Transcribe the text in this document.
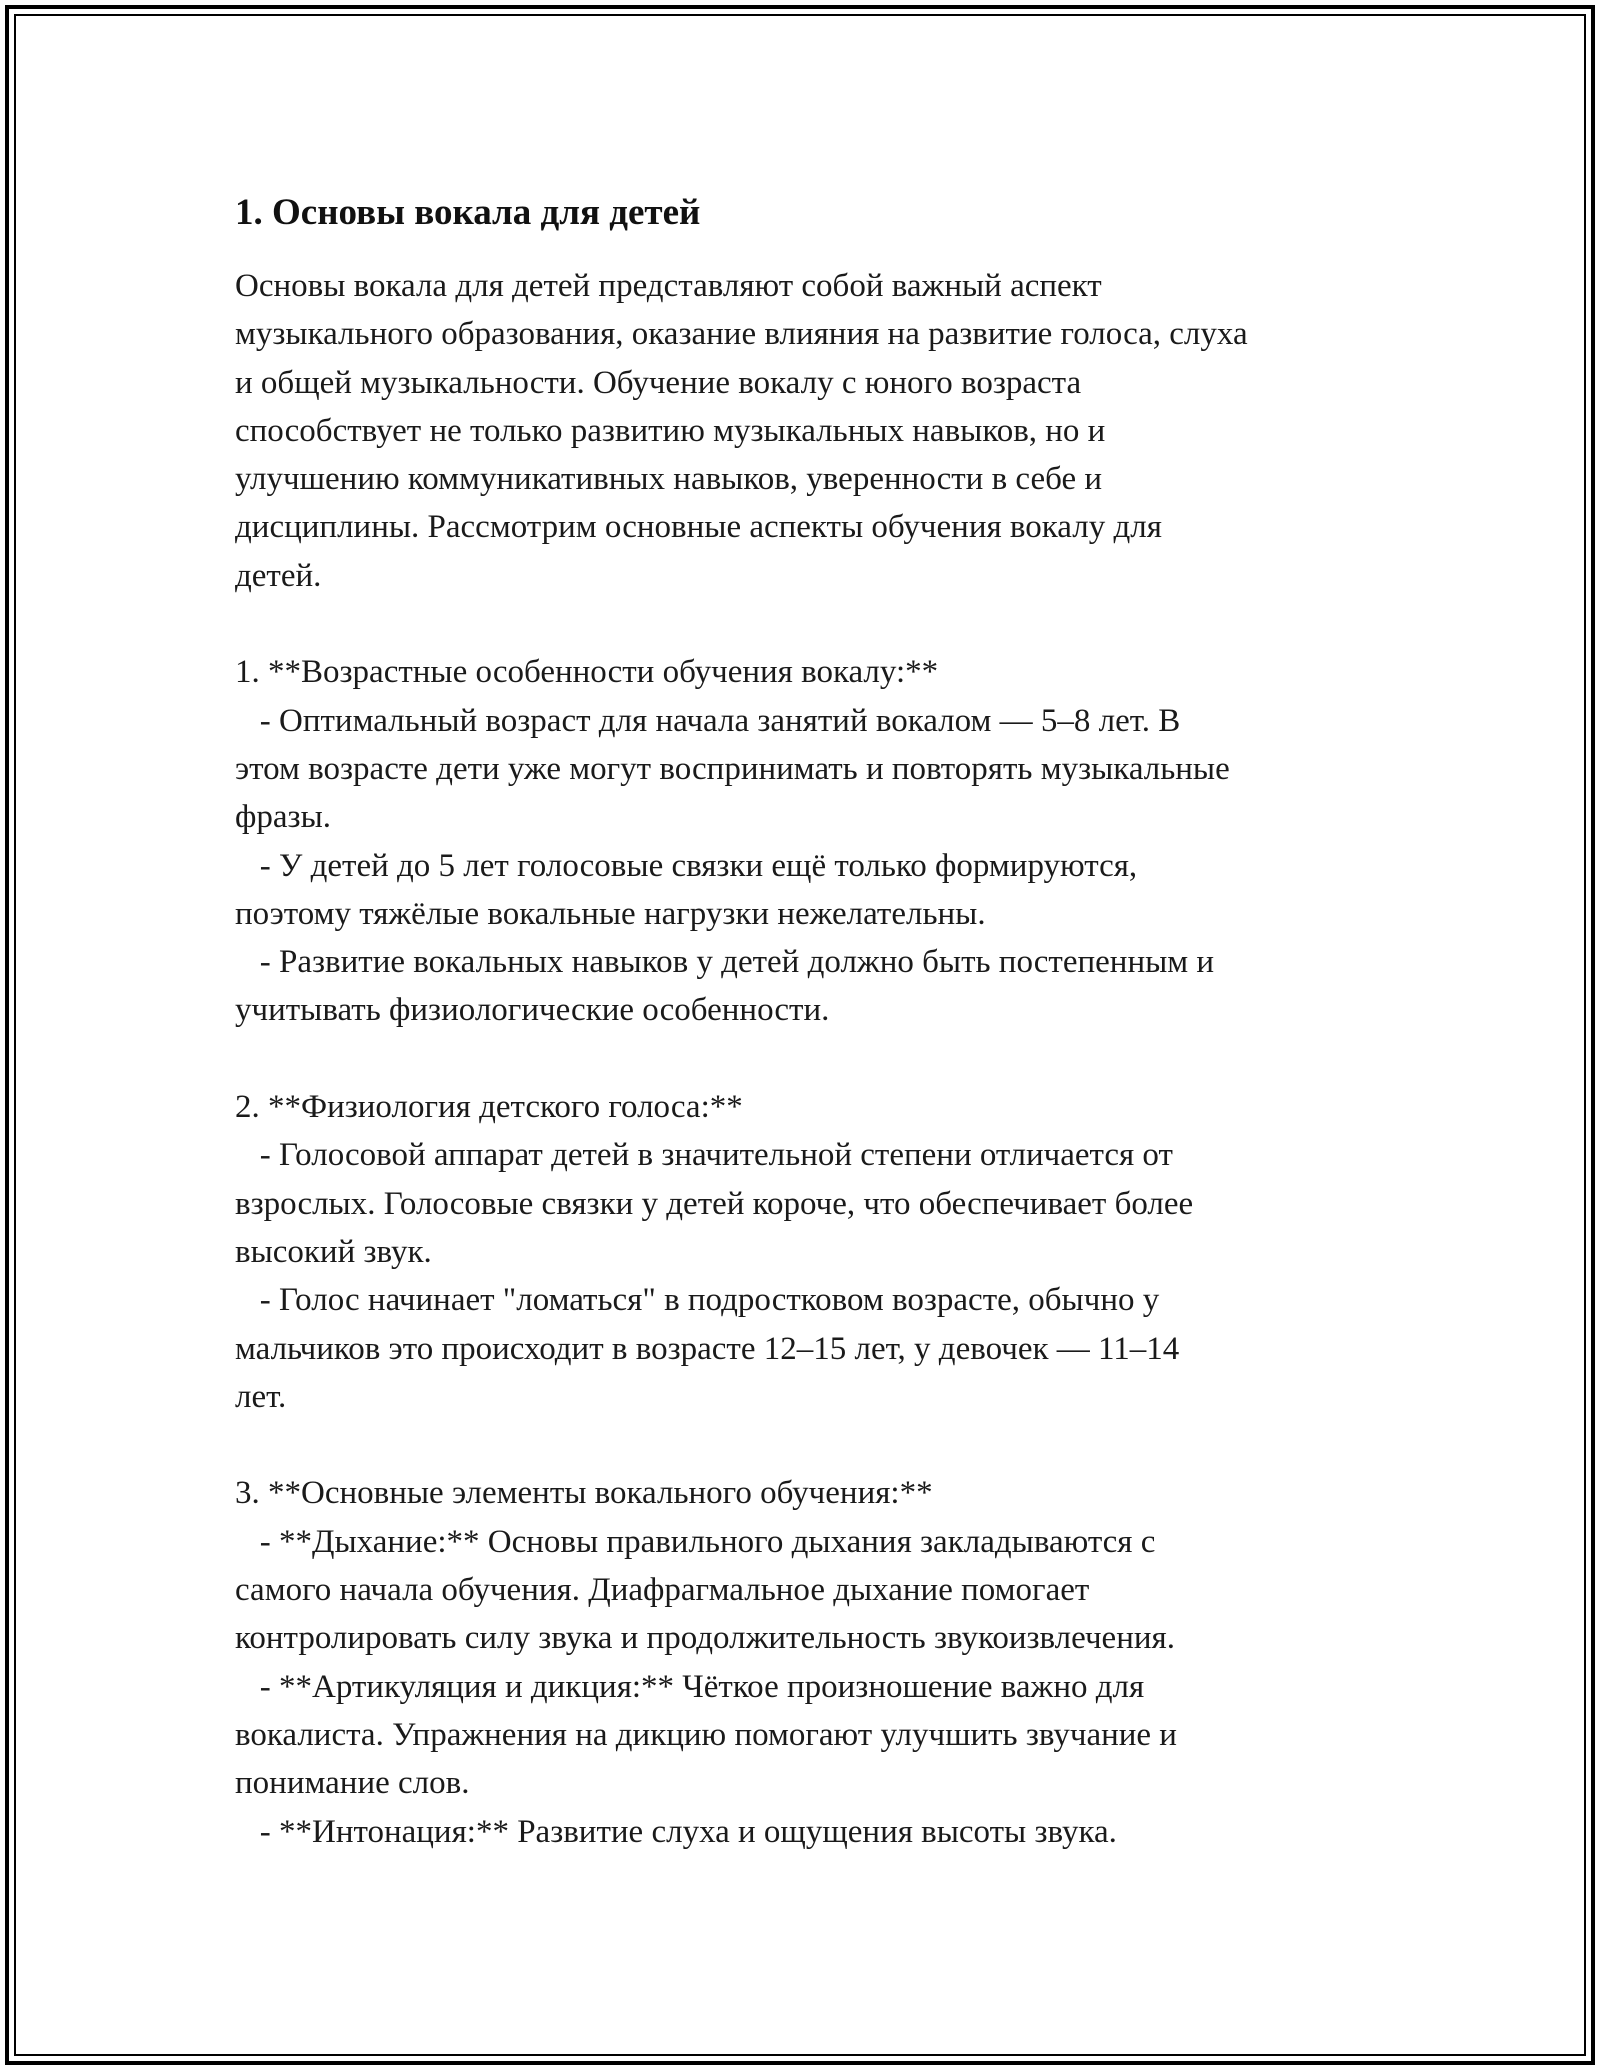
1. Основы вокала для детей
Основы вокала для детей представляют собой важный аспект
музыкального образования, оказание влияния на развитие голоса, слуха
и общей музыкальности. Обучение вокалу с юного возраста
способствует не только развитию музыкальных навыков, но и
улучшению коммуникативных навыков, уверенности в себе и
дисциплины. Рассмотрим основные аспекты обучения вокалу для
детей.
1. **Возрастные особенности обучения вокалу:**
- Оптимальный возраст для начала занятий вокалом — 5–8 лет. В
этом возрасте дети уже могут воспринимать и повторять музыкальные
фразы.
- У детей до 5 лет голосовые связки ещё только формируются,
поэтому тяжёлые вокальные нагрузки нежелательны.
- Развитие вокальных навыков у детей должно быть постепенным и
учитывать физиологические особенности.
2. **Физиология детского голоса:**
- Голосовой аппарат детей в значительной степени отличается от
взрослых. Голосовые связки у детей короче, что обеспечивает более
высокий звук.
- Голос начинает "ломаться" в подростковом возрасте, обычно у
мальчиков это происходит в возрасте 12–15 лет, у девочек — 11–14
лет.
3. **Основные элементы вокального обучения:**
- **Дыхание:** Основы правильного дыхания закладываются с
самого начала обучения. Диафрагмальное дыхание помогает
контролировать силу звука и продолжительность звукоизвлечения.
- **Артикуляция и дикция:** Чёткое произношение важно для
вокалиста. Упражнения на дикцию помогают улучшить звучание и
понимание слов.
- **Интонация:** Развитие слуха и ощущения высоты звука.
